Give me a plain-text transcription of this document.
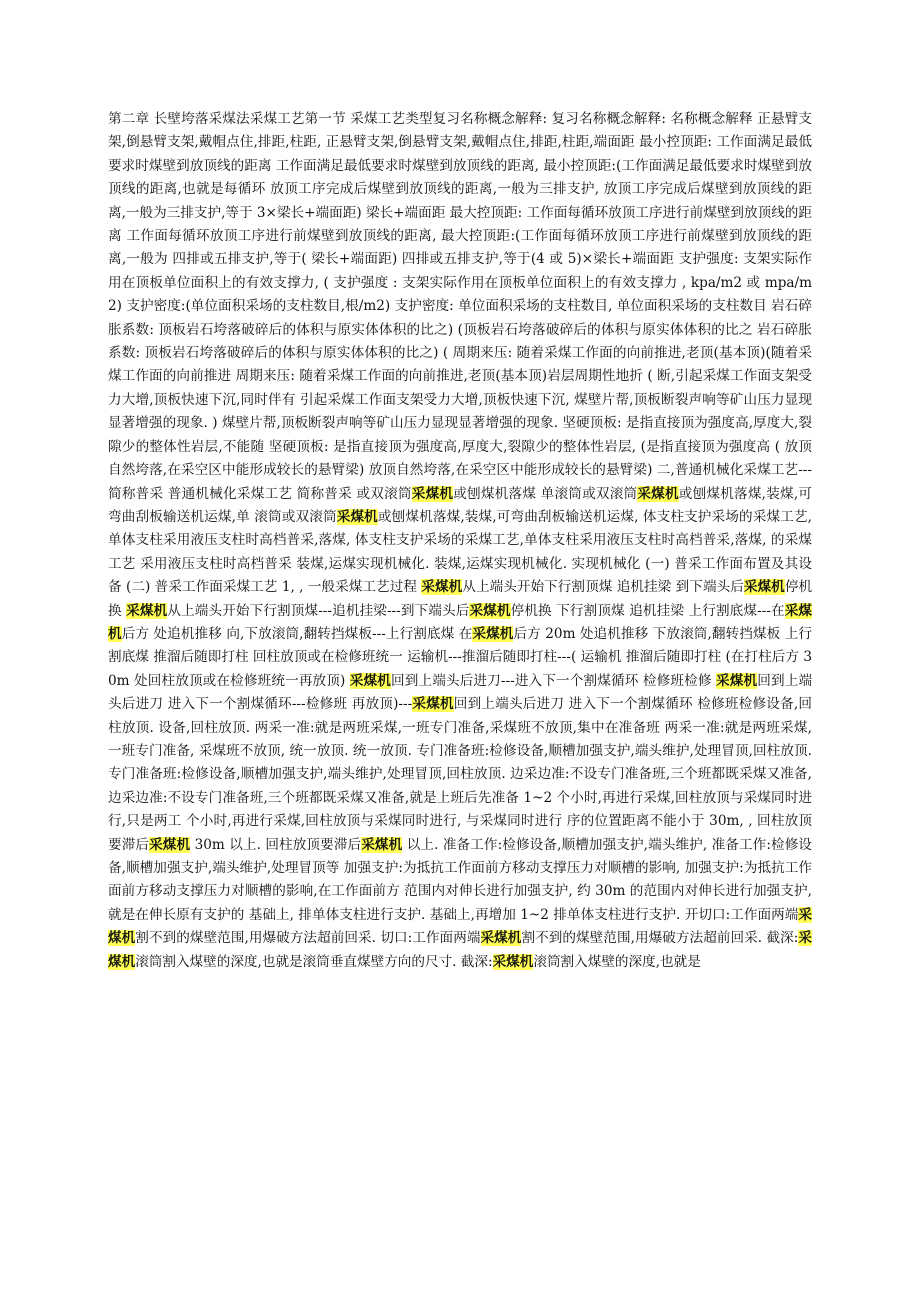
第二章 长壁垮落采煤法采煤工艺第一节 采煤工艺类型复习名称概念解释: 复习名称概念解释: 名称概念解释 正悬臂支架,倒悬臂支架,戴帽点住,排距,柱距, 正悬臂支架,倒悬臂支架,戴帽点住,排距,柱距,端面距 最小控顶距: 工作面满足最低要求时煤壁到放顶线的距离 工作面满足最低要求时煤壁到放顶线的距离, 最小控顶距:(工作面满足最低要求时煤壁到放顶线的距离,也就是每循环 放顶工序完成后煤壁到放顶线的距离,一般为三排支护, 放顶工序完成后煤壁到放顶线的距离,一般为三排支护,等于 3×梁长+端面距) 梁长+端面距 最大控顶距: 工作面每循环放顶工序进行前煤壁到放顶线的距离 工作面每循环放顶工序进行前煤壁到放顶线的距离, 最大控顶距:(工作面每循环放顶工序进行前煤壁到放顶线的距离,一般为 四排或五排支护,等于( 梁长+端面距) 四排或五排支护,等于(4 或 5)×梁长+端面距 支护强度: 支架实际作用在顶板单位面积上的有效支撑力, ( 支护强度 : 支架实际作用在顶板单位面积上的有效支撑力 , kpa/m2 或 mpa/m2) 支护密度:(单位面积采场的支柱数目,根/m2) 支护密度: 单位面积采场的支柱数目, 单位面积采场的支柱数目 岩石碎胀系数: 顶板岩石垮落破碎后的体积与原实体体积的比之) (顶板岩石垮落破碎后的体积与原实体体积的比之 岩石碎胀系数: 顶板岩石垮落破碎后的体积与原实体体积的比之) ( 周期来压: 随着采煤工作面的向前推进,老顶(基本顶)(随着采煤工作面的向前推进 周期来压: 随着采煤工作面的向前推进,老顶(基本顶)岩层周期性地折 ( 断,引起采煤工作面支架受力大增,顶板快速下沉,同时伴有 引起采煤工作面支架受力大增,顶板快速下沉, 煤壁片帮,顶板断裂声响等矿山压力显现显著增强的现象. ) 煤壁片帮,顶板断裂声响等矿山压力显现显著增强的现象. 坚硬顶板: 是指直接顶为强度高,厚度大,裂隙少的整体性岩层,不能随 坚硬顶板: 是指直接顶为强度高,厚度大,裂隙少的整体性岩层, (是指直接顶为强度高 ( 放顶自然垮落,在采空区中能形成较长的悬臂梁) 放顶自然垮落,在采空区中能形成较长的悬臂梁) 二,普通机械化采煤工艺---简称普采 普通机械化采煤工艺 简称普采 或双滚筒

采煤机

或刨煤机落煤 单滚筒或双滚筒

采煤机

或刨煤机落煤,装煤,可弯曲刮板输送机运煤,单 滚筒或双滚筒

采煤机

或刨煤机落煤,装煤,可弯曲刮板输送机运煤, 体支柱支护采场的采煤工艺,单体支柱采用液压支柱时高档普采,落煤, 体支柱支护采场的采煤工艺,单体支柱采用液压支柱时高档普采,落煤, 的采煤工艺 采用液压支柱时高档普采 装煤,运煤实现机械化. 装煤,运煤实现机械化. 实现机械化 (一) 普采工作面布置及其设备 (二) 普采工作面采煤工艺 1, , 一般采煤工艺过程

采煤机

从上端头开始下行割顶煤 追机挂梁 到下端头后

采煤机

停机换

采煤机

从上端头开始下行割顶煤---追机挂梁---到下端头后

采煤机

停机换 下行割顶煤 追机挂梁 上行割底煤---在

采煤机

后方 处追机推移 向,下放滚筒,翻转挡煤板---上行割底煤 在

采煤机

后方 20m 处追机推移 下放滚筒,翻转挡煤板 上行割底煤 推溜后随即打柱 回柱放顶或在检修班统一 运输机---推溜后随即打柱---( 运输机 推溜后随即打柱 (在打柱后方 30m 处回柱放顶或在检修班统一再放顶)

采煤机

回到上端头后进刀---进入下一个割煤循环 检修班检修

采煤机

回到上端头后进刀 进入下一个割煤循环---检修班 再放顶)---

采煤机

回到上端头后进刀 进入下一个割煤循环 检修班检修设备,回柱放顶. 设备,回柱放顶. 两采一准:就是两班采煤,一班专门准备,采煤班不放顶,集中在准备班 两采一准:就是两班采煤,一班专门准备, 采煤班不放顶, 统一放顶. 统一放顶. 专门准备班:检修设备,顺槽加强支护,端头维护,处理冒顶,回柱放顶. 专门准备班:检修设备,顺槽加强支护,端头维护,处理冒顶,回柱放顶. 边采边准:不设专门准备班,三个班都既采煤又准备, 边采边准:不设专门准备班,三个班都既采煤又准备,就是上班后先准备 1~2 个小时,再进行采煤,回柱放顶与采煤同时进行,只是两工 个小时,再进行采煤,回柱放顶与采煤同时进行, 与采煤同时进行 序的位置距离不能小于 30m, , 回柱放顶要滞后

采煤机

30m 以上. 回柱放顶要滞后

采煤机

以上. 准备工作:检修设备,顺槽加强支护,端头维护, 准备工作:检修设备,顺槽加强支护,端头维护,处理冒顶等 加强支护:为抵抗工作面前方移动支撑压力对顺槽的影响, 加强支护:为抵抗工作面前方移动支撑压力对顺槽的影响,在工作面前方 范围内对伸长进行加强支护, 约 30m 的范围内对伸长进行加强支护,就是在伸长原有支护的 基础上, 排单体支柱进行支护. 基础上,再增加 1~2 排单体支柱进行支护. 开切口:工作面两端

采煤机

割不到的煤壁范围,用爆破方法超前回采. 切口:工作面两端

采煤机

割不到的煤壁范围,用爆破方法超前回采. 截深:

采煤机

滚筒割入煤壁的深度,也就是滚筒垂直煤壁方向的尺寸. 截深:

采煤机

滚筒割入煤壁的深度,也就是
